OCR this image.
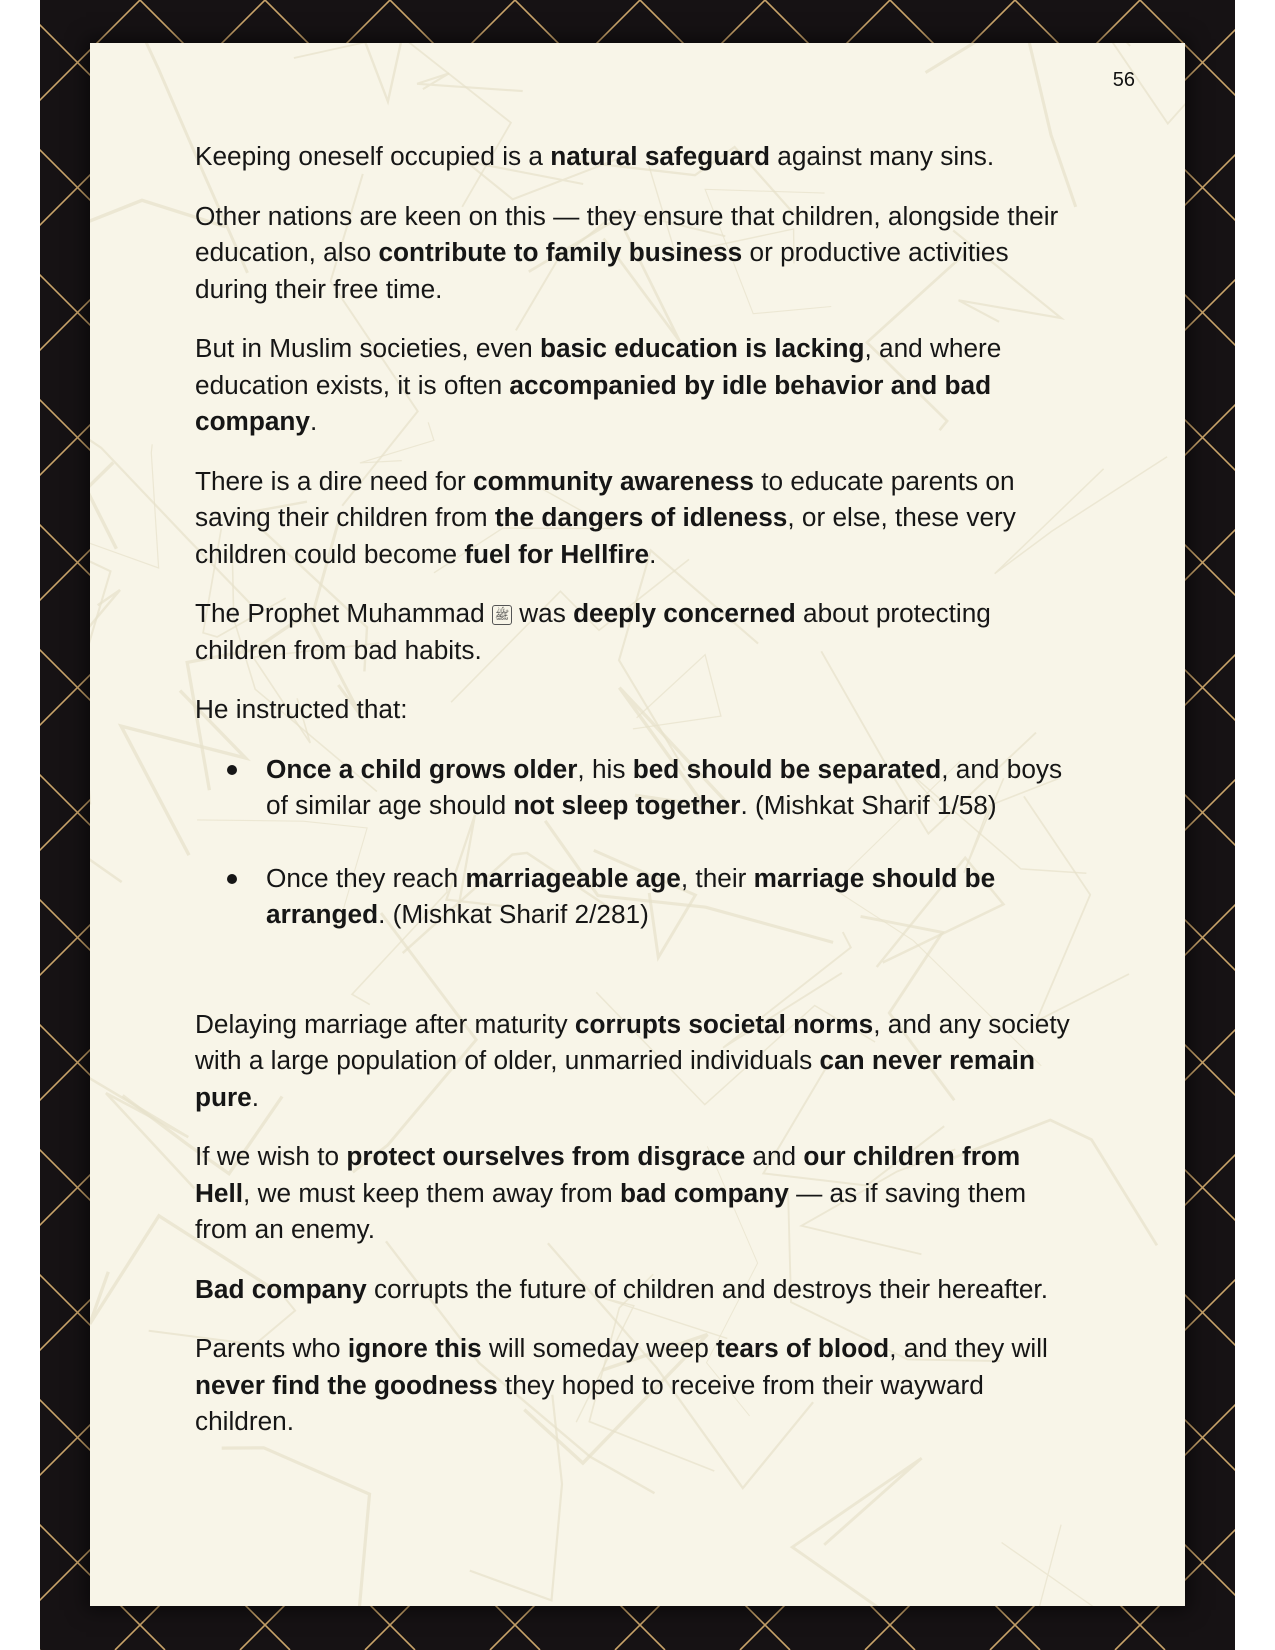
56

Keeping oneself occupied is a natural safeguard against many sins.

Other nations are keen on this — they ensure that children, alongside their education, also contribute to family business or productive activities during their free time.

But in Muslim societies, even basic education is lacking, and where education exists, it is often accompanied by idle behavior and bad company.

There is a dire need for community awareness to educate parents on saving their children from the dangers of idleness, or else, these very children could become fuel for Hellfire.

The Prophet Muhammad ﷺ was deeply concerned about protecting children from bad habits.

He instructed that:

Once a child grows older, his bed should be separated, and boys of similar age should not sleep together. (Mishkat Sharif 1/58)
Once they reach marriageable age, their marriage should be arranged. (Mishkat Sharif 2/281)

Delaying marriage after maturity corrupts societal norms, and any society with a large population of older, unmarried individuals can never remain pure.

If we wish to protect ourselves from disgrace and our children from Hell, we must keep them away from bad company — as if saving them from an enemy.

Bad company corrupts the future of children and destroys their hereafter.

Parents who ignore this will someday weep tears of blood, and they will never find the goodness they hoped to receive from their wayward children.
